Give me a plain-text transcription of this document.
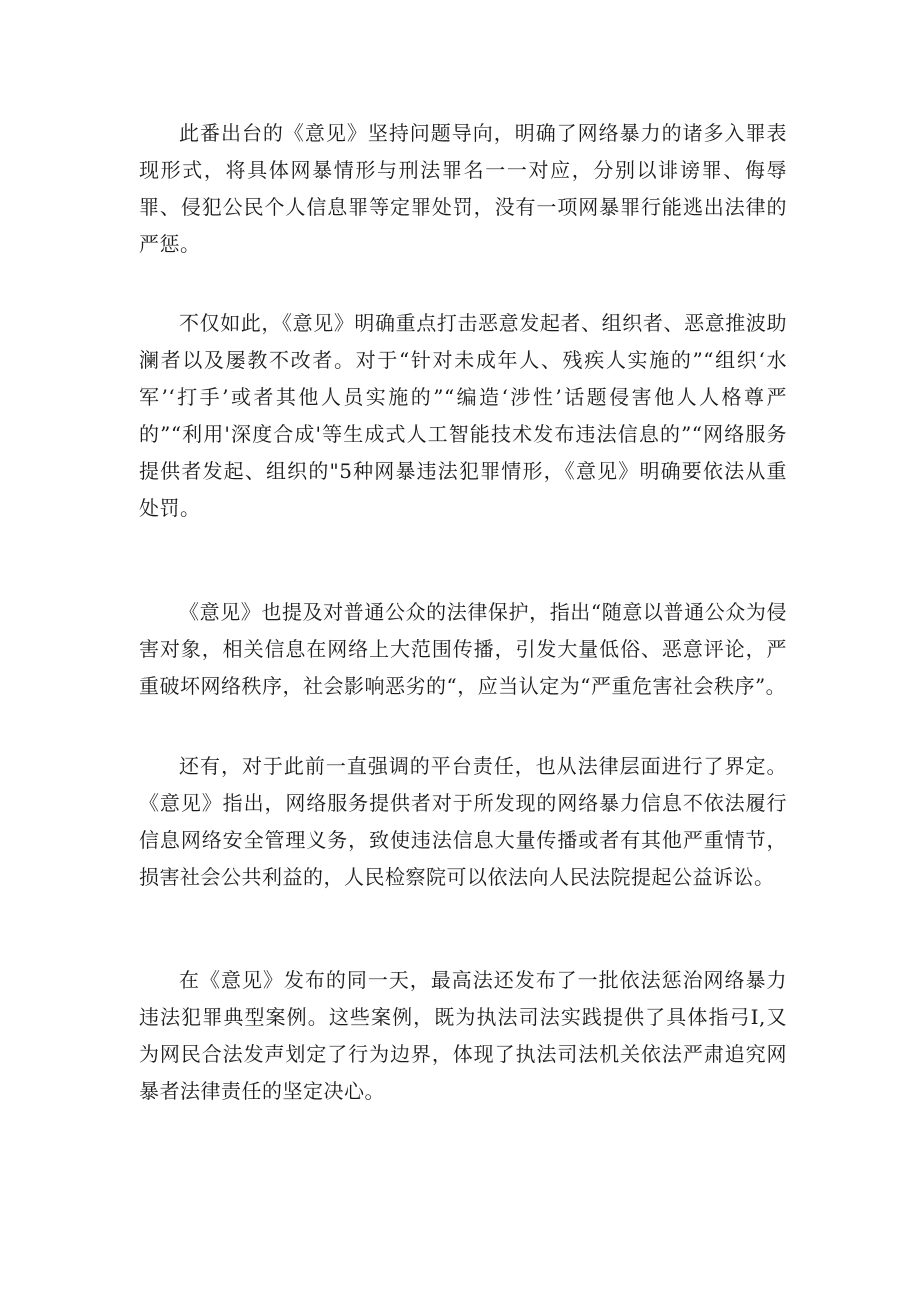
此番出台的《意见》坚持问题导向，明确了网络暴力的诸多入罪表现形式，将具体网暴情形与刑法罪名一一对应，分别以诽谤罪、侮辱罪、侵犯公民个人信息罪等定罪处罚，没有一项网暴罪行能逃出法律的严惩。

不仅如此，《意见》明确重点打击恶意发起者、组织者、恶意推波助澜者以及屡教不改者。对于“针对未成年人、残疾人实施的”“组织‘水军’‘打手’或者其他人员实施的”“编造‘涉性’话题侵害他人人格尊严的”“利用'深度合成'等生成式人工智能技术发布违法信息的”“网络服务提供者发起、组织的"5种网暴违法犯罪情形，《意见》明确要依法从重处罚。

《意见》也提及对普通公众的法律保护，指出“随意以普通公众为侵害对象，相关信息在网络上大范围传播，引发大量低俗、恶意评论，严重破坏网络秩序，社会影响恶劣的“，应当认定为“严重危害社会秩序”。

还有，对于此前一直强调的平台责任，也从法律层面进行了界定。《意见》指出，网络服务提供者对于所发现的网络暴力信息不依法履行信息网络安全管理义务，致使违法信息大量传播或者有其他严重情节，损害社会公共利益的，人民检察院可以依法向人民法院提起公益诉讼。

在《意见》发布的同一天，最高法还发布了一批依法惩治网络暴力违法犯罪典型案例。这些案例，既为执法司法实践提供了具体指弓I,又为网民合法发声划定了行为边界，体现了执法司法机关依法严肃追究网暴者法律责任的坚定决心。
